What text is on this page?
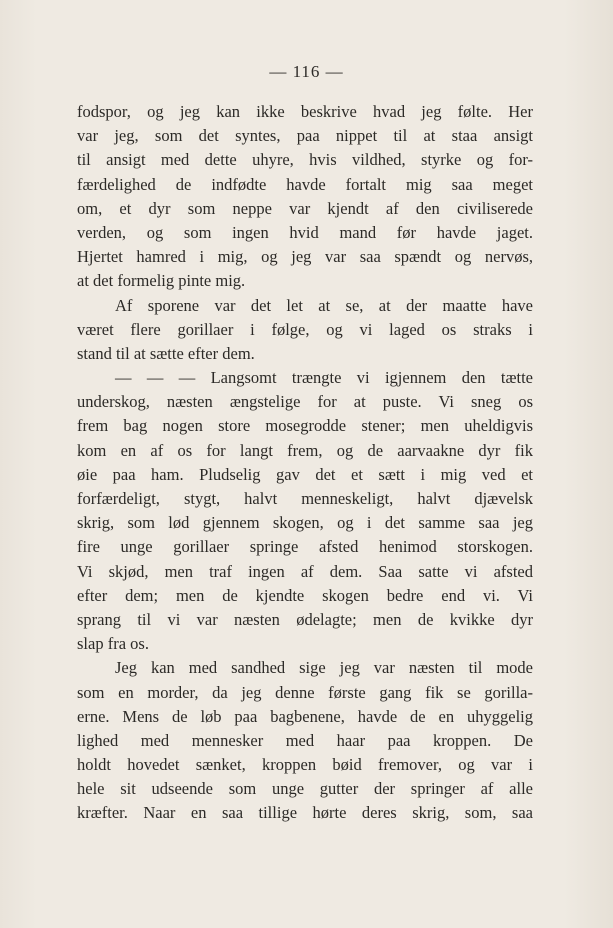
— 116 —
fodspor, og jeg kan ikke beskrive hvad jeg følte. Her
var jeg, som det syntes, paa nippet til at staa ansigt
til ansigt med dette uhyre, hvis vildhed, styrke og for-
færdelighed de indfødte havde fortalt mig saa meget
om, et dyr som neppe var kjendt af den civiliserede
verden, og som ingen hvid mand før havde jaget.
Hjertet hamred i mig, og jeg var saa spændt og nervøs,
at det formelig pinte mig.
Af sporene var det let at se, at der maatte have
været flere gorillaer i følge, og vi laged os straks i
stand til at sætte efter dem.
— — — Langsomt trængte vi igjennem den tætte
underskog, næsten ængstelige for at puste. Vi sneg os
frem bag nogen store mosegrodde stener; men uheldigvis
kom en af os for langt frem, og de aarvaakne dyr fik
øie paa ham. Pludselig gav det et sætt i mig ved et
forfærdeligt, stygt, halvt menneskeligt, halvt djævelsk
skrig, som lød gjennem skogen, og i det samme saa jeg
fire unge gorillaer springe afsted henimod storskogen.
Vi skjød, men traf ingen af dem. Saa satte vi afsted
efter dem; men de kjendte skogen bedre end vi. Vi
sprang til vi var næsten ødelagte; men de kvikke dyr
slap fra os.
Jeg kan med sandhed sige jeg var næsten til mode
som en morder, da jeg denne første gang fik se gorilla-
erne. Mens de løb paa bagbenene, havde de en uhyggelig
lighed med mennesker med haar paa kroppen. De
holdt hovedet sænket, kroppen bøid fremover, og var i
hele sit udseende som unge gutter der springer af alle
kræfter. Naar en saa tillige hørte deres skrig, som, saa
